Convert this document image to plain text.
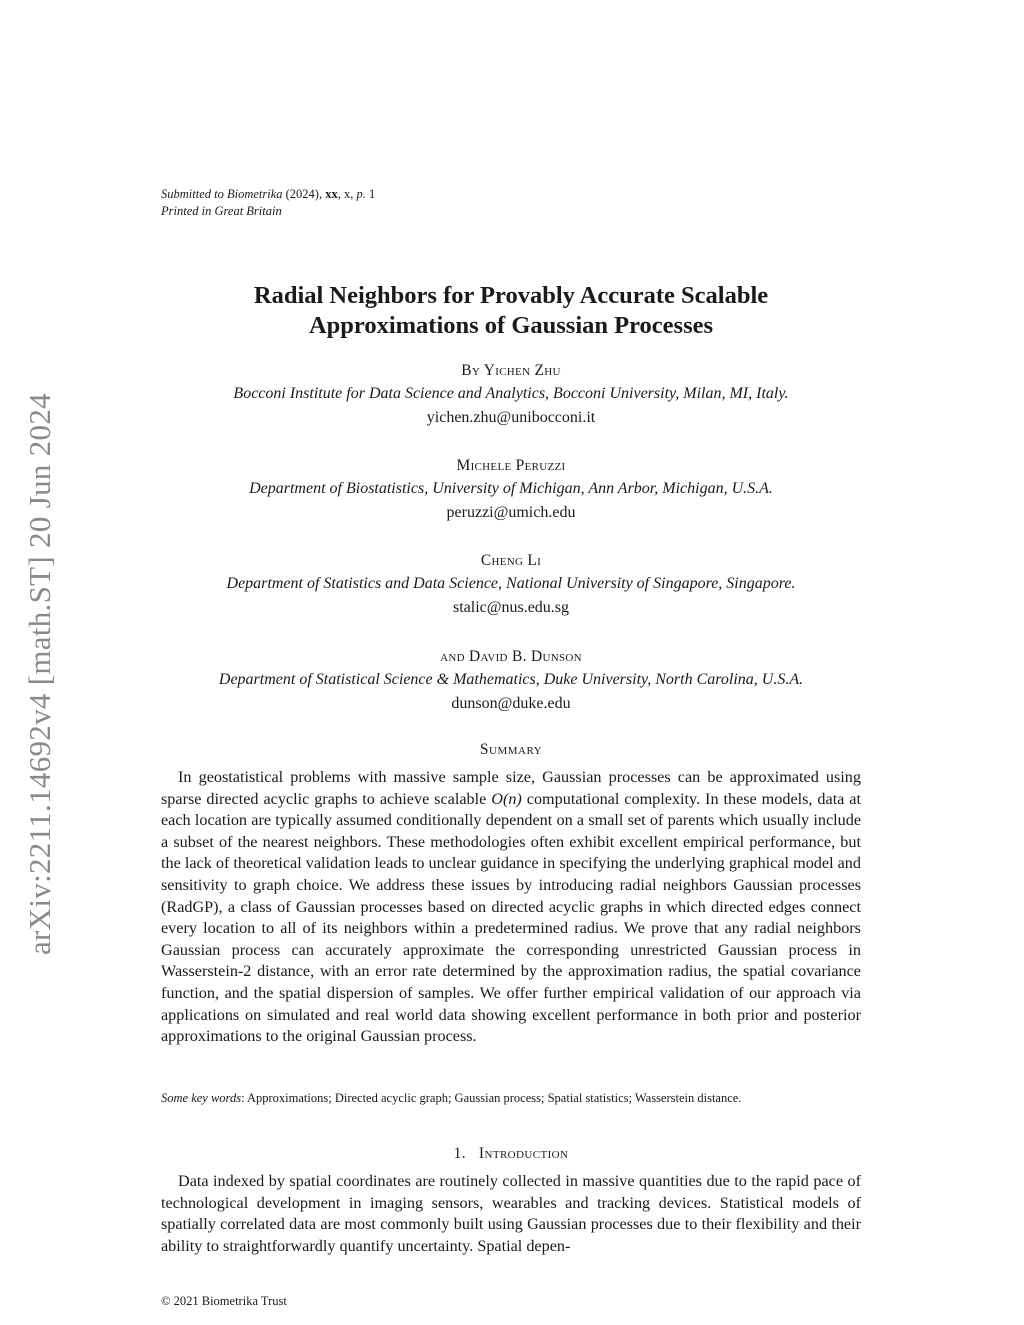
arXiv:2211.14692v4 [math.ST] 20 Jun 2024
Submitted to Biometrika (2024), xx, x, p. 1
Printed in Great Britain
Radial Neighbors for Provably Accurate Scalable
Approximations of Gaussian Processes
By Yichen Zhu
Bocconi Institute for Data Science and Analytics, Bocconi University, Milan, MI, Italy.
yichen.zhu@unibocconi.it
Michele Peruzzi
Department of Biostatistics, University of Michigan, Ann Arbor, Michigan, U.S.A.
peruzzi@umich.edu
Cheng Li
Department of Statistics and Data Science, National University of Singapore, Singapore.
stalic@nus.edu.sg
and David B. Dunson
Department of Statistical Science & Mathematics, Duke University, North Carolina, U.S.A.
dunson@duke.edu
Summary
In geostatistical problems with massive sample size, Gaussian processes can be approximated using sparse directed acyclic graphs to achieve scalable O(n) computational complexity. In these models, data at each location are typically assumed conditionally dependent on a small set of parents which usually include a subset of the nearest neighbors. These methodologies often exhibit excellent empirical performance, but the lack of theoretical validation leads to unclear guidance in specifying the underlying graphical model and sensitivity to graph choice. We address these issues by introducing radial neighbors Gaussian processes (RadGP), a class of Gaussian processes based on directed acyclic graphs in which directed edges connect every location to all of its neighbors within a predetermined radius. We prove that any radial neighbors Gaussian process can accurately approximate the corresponding unrestricted Gaussian process in Wasserstein-2 distance, with an error rate determined by the approximation radius, the spatial covariance function, and the spatial dispersion of samples. We offer further empirical validation of our approach via applications on simulated and real world data showing excellent performance in both prior and posterior approximations to the original Gaussian process.
Some key words: Approximations; Directed acyclic graph; Gaussian process; Spatial statistics; Wasserstein distance.
1. Introduction
Data indexed by spatial coordinates are routinely collected in massive quantities due to the rapid pace of technological development in imaging sensors, wearables and tracking devices. Statistical models of spatially correlated data are most commonly built using Gaussian processes due to their flexibility and their ability to straightforwardly quantify uncertainty. Spatial depen-
© 2021 Biometrika Trust
